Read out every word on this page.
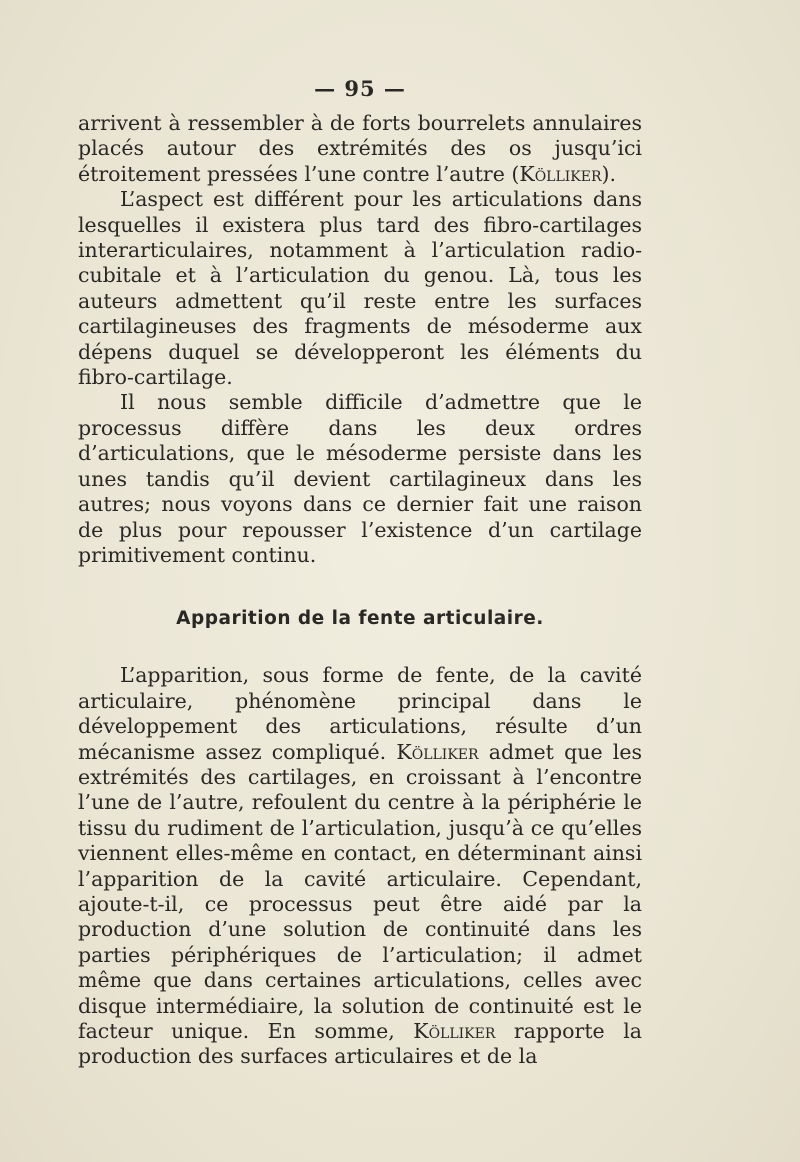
— 95 —

arrivent à ressembler à de forts bourrelets annulaires placés autour des extrémités des os jusqu’ici étroitement pressées l’une contre l’autre (Kölliker).

L’aspect est différent pour les articulations dans lesquelles il existera plus tard des fibro-cartilages interarticulaires, notamment à l’articulation radio-cubitale et à l’articulation du genou. Là, tous les auteurs admettent qu’il reste entre les surfaces cartilagineuses des fragments de mésoderme aux dépens duquel se développeront les éléments du fibro-cartilage.

Il nous semble difficile d’admettre que le processus diffère dans les deux ordres d’articulations, que le mésoderme persiste dans les unes tandis qu’il devient cartilagineux dans les autres; nous voyons dans ce dernier fait une raison de plus pour repousser l’existence d’un cartilage primitivement continu.

Apparition de la fente articulaire.

L’apparition, sous forme de fente, de la cavité articulaire, phénomène principal dans le développement des articulations, résulte d’un mécanisme assez compliqué. Kölliker admet que les extrémités des cartilages, en croissant à l’encontre l’une de l’autre, refoulent du centre à la périphérie le tissu du rudiment de l’articulation, jusqu’à ce qu’elles viennent elles-même en contact, en déterminant ainsi l’apparition de la cavité articulaire. Cependant, ajoute-t-il, ce processus peut être aidé par la production d’une solution de continuité dans les parties périphériques de l’articulation; il admet même que dans certaines articulations, celles avec disque intermédiaire, la solution de continuité est le facteur unique. En somme, Kölliker rapporte la production des surfaces articulaires et de la
